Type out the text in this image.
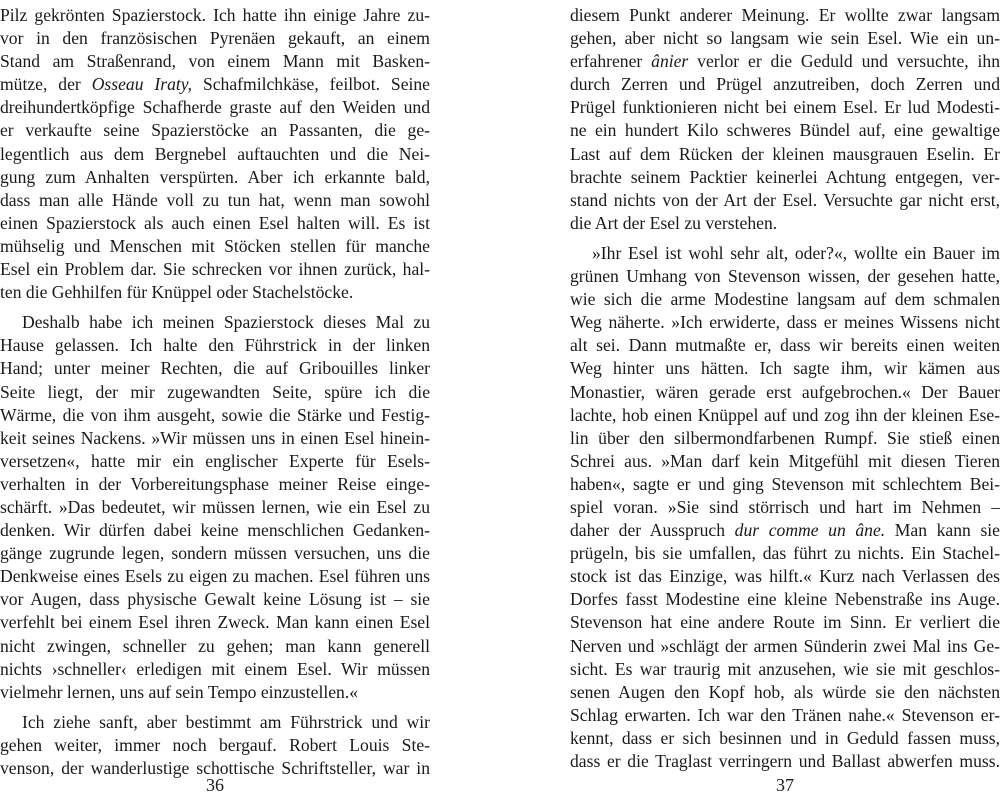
Pilz gekrönten Spazierstock. Ich hatte ihn einige Jahre zu-
vor in den französischen Pyrenäen gekauft, an einem
Stand am Straßenrand, von einem Mann mit Basken-
mütze, der Osseau Iraty, Schafmilchkäse, feilbot. Seine
dreihundertköpfige Schafherde graste auf den Weiden und
er verkaufte seine Spazierstöcke an Passanten, die ge-
legentlich aus dem Bergnebel auftauchten und die Nei-
gung zum Anhalten verspürten. Aber ich erkannte bald,
dass man alle Hände voll zu tun hat, wenn man sowohl
einen Spazierstock als auch einen Esel halten will. Es ist
mühselig und Menschen mit Stöcken stellen für manche
Esel ein Problem dar. Sie schrecken vor ihnen zurück, hal-
ten die Gehhilfen für Knüppel oder Stachelstöcke.
Deshalb habe ich meinen Spazierstock dieses Mal zu
Hause gelassen. Ich halte den Führstrick in der linken
Hand; unter meiner Rechten, die auf Gribouilles linker
Seite liegt, der mir zugewandten Seite, spüre ich die
Wärme, die von ihm ausgeht, sowie die Stärke und Festig-
keit seines Nackens. »Wir müssen uns in einen Esel hinein-
versetzen«, hatte mir ein englischer Experte für Esels-
verhalten in der Vorbereitungsphase meiner Reise einge-
schärft. »Das bedeutet, wir müssen lernen, wie ein Esel zu
denken. Wir dürfen dabei keine menschlichen Gedanken-
gänge zugrunde legen, sondern müssen versuchen, uns die
Denkweise eines Esels zu eigen zu machen. Esel führen uns
vor Augen, dass physische Gewalt keine Lösung ist – sie
verfehlt bei einem Esel ihren Zweck. Man kann einen Esel
nicht zwingen, schneller zu gehen; man kann generell
nichts ›schneller‹ erledigen mit einem Esel. Wir müssen
vielmehr lernen, uns auf sein Tempo einzustellen.«
Ich ziehe sanft, aber bestimmt am Führstrick und wir
gehen weiter, immer noch bergauf. Robert Louis Ste-
venson, der wanderlustige schottische Schriftsteller, war in
36
diesem Punkt anderer Meinung. Er wollte zwar langsam
gehen, aber nicht so langsam wie sein Esel. Wie ein un-
erfahrener ânier verlor er die Geduld und versuchte, ihn
durch Zerren und Prügel anzutreiben, doch Zerren und
Prügel funktionieren nicht bei einem Esel. Er lud Modesti-
ne ein hundert Kilo schweres Bündel auf, eine gewaltige
Last auf dem Rücken der kleinen mausgrauen Eselin. Er
brachte seinem Packtier keinerlei Achtung entgegen, ver-
stand nichts von der Art der Esel. Versuchte gar nicht erst,
die Art der Esel zu verstehen.
»Ihr Esel ist wohl sehr alt, oder?«, wollte ein Bauer im
grünen Umhang von Stevenson wissen, der gesehen hatte,
wie sich die arme Modestine langsam auf dem schmalen
Weg näherte. »Ich erwiderte, dass er meines Wissens nicht
alt sei. Dann mutmaßte er, dass wir bereits einen weiten
Weg hinter uns hätten. Ich sagte ihm, wir kämen aus
Monastier, wären gerade erst aufgebrochen.« Der Bauer
lachte, hob einen Knüppel auf und zog ihn der kleinen Ese-
lin über den silbermondfarbenen Rumpf. Sie stieß einen
Schrei aus. »Man darf kein Mitgefühl mit diesen Tieren
haben«, sagte er und ging Stevenson mit schlechtem Bei-
spiel voran. »Sie sind störrisch und hart im Nehmen –
daher der Ausspruch dur comme un âne. Man kann sie
prügeln, bis sie umfallen, das führt zu nichts. Ein Stachel-
stock ist das Einzige, was hilft.« Kurz nach Verlassen des
Dorfes fasst Modestine eine kleine Nebenstraße ins Auge.
Stevenson hat eine andere Route im Sinn. Er verliert die
Nerven und »schlägt der armen Sünderin zwei Mal ins Ge-
sicht. Es war traurig mit anzusehen, wie sie mit geschlos-
senen Augen den Kopf hob, als würde sie den nächsten
Schlag erwarten. Ich war den Tränen nahe.« Stevenson er-
kennt, dass er sich besinnen und in Geduld fassen muss,
dass er die Traglast verringern und Ballast abwerfen muss.
37
